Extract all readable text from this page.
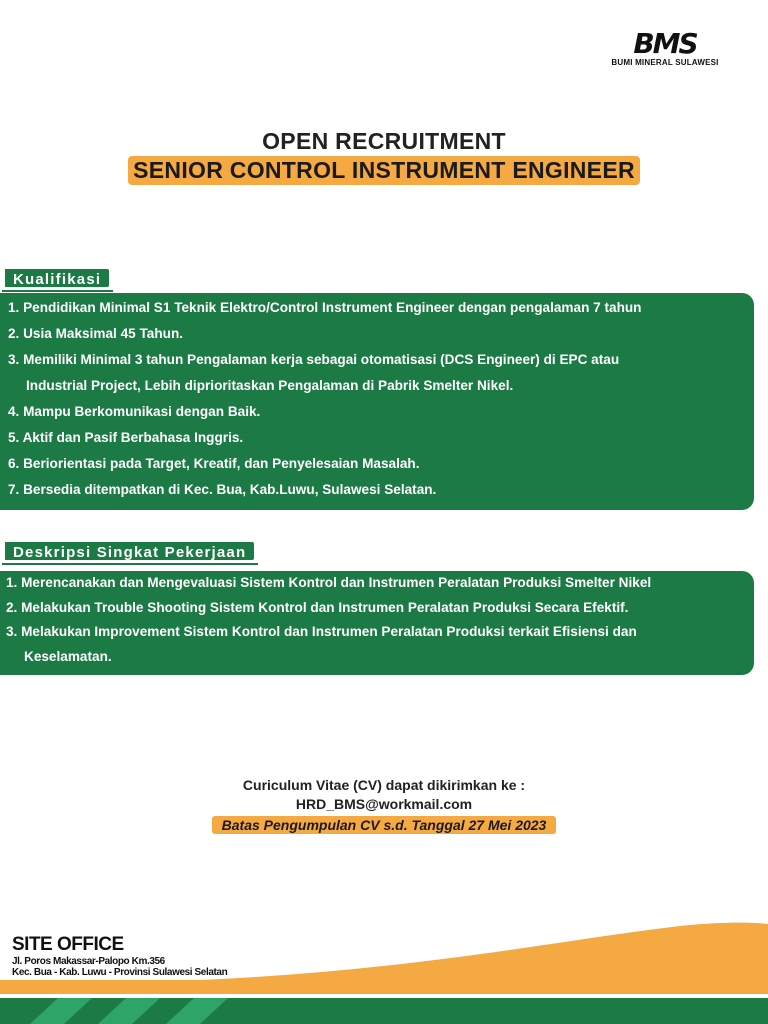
BMS
BUMI MINERAL SULAWESI
OPEN RECRUITMENT
SENIOR CONTROL INSTRUMENT ENGINEER
Kualifikasi
1. Pendidikan Minimal S1 Teknik Elektro/Control Instrument Engineer dengan pengalaman 7 tahun
2. Usia Maksimal 45 Tahun.
3. Memiliki Minimal 3 tahun Pengalaman kerja sebagai otomatisasi (DCS Engineer) di EPC atau
Industrial Project, Lebih diprioritaskan Pengalaman di Pabrik Smelter Nikel.
4. Mampu Berkomunikasi dengan Baik.
5. Aktif dan Pasif Berbahasa Inggris.
6. Beriorientasi pada Target, Kreatif, dan Penyelesaian Masalah.
7. Bersedia ditempatkan di Kec. Bua, Kab.Luwu, Sulawesi Selatan.
Deskripsi Singkat Pekerjaan
1. Merencanakan dan Mengevaluasi Sistem Kontrol dan Instrumen Peralatan Produksi Smelter Nikel
2. Melakukan Trouble Shooting Sistem Kontrol dan Instrumen Peralatan Produksi Secara Efektif.
3. Melakukan Improvement Sistem Kontrol dan Instrumen Peralatan Produksi terkait Efisiensi dan
Keselamatan.
Curiculum Vitae (CV) dapat dikirimkan ke :
HRD_BMS@workmail.com
Batas Pengumpulan CV s.d. Tanggal 27 Mei 2023
SITE OFFICE
Jl. Poros Makassar-Palopo Km.356
Kec. Bua - Kab. Luwu - Provinsi Sulawesi Selatan
